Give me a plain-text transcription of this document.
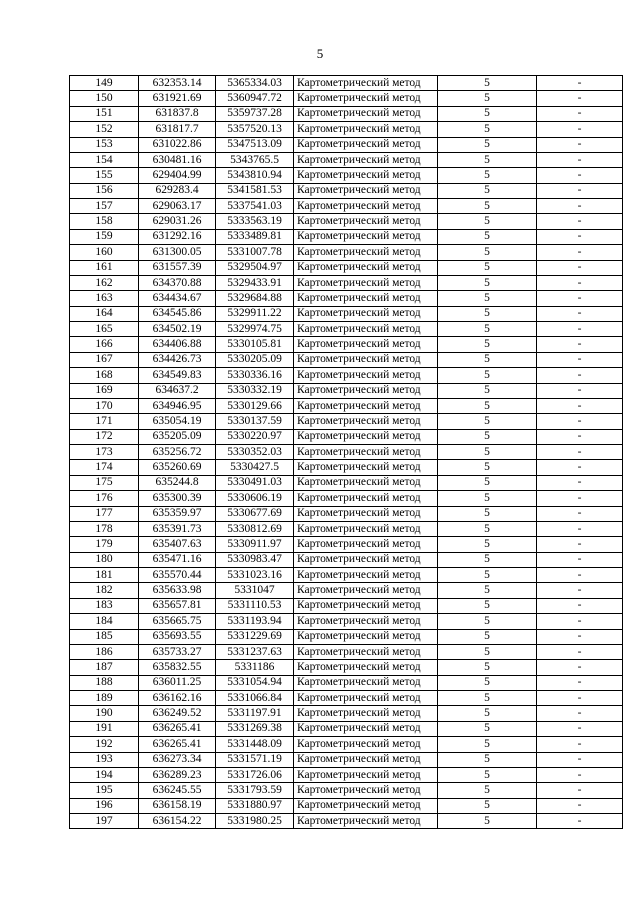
5
149	632353.14	5365334.03	Картометрический метод	5	-
150	631921.69	5360947.72	Картометрический метод	5	-
151	631837.8	5359737.28	Картометрический метод	5	-
152	631817.7	5357520.13	Картометрический метод	5	-
153	631022.86	5347513.09	Картометрический метод	5	-
154	630481.16	5343765.5	Картометрический метод	5	-
155	629404.99	5343810.94	Картометрический метод	5	-
156	629283.4	5341581.53	Картометрический метод	5	-
157	629063.17	5337541.03	Картометрический метод	5	-
158	629031.26	5333563.19	Картометрический метод	5	-
159	631292.16	5333489.81	Картометрический метод	5	-
160	631300.05	5331007.78	Картометрический метод	5	-
161	631557.39	5329504.97	Картометрический метод	5	-
162	634370.88	5329433.91	Картометрический метод	5	-
163	634434.67	5329684.88	Картометрический метод	5	-
164	634545.86	5329911.22	Картометрический метод	5	-
165	634502.19	5329974.75	Картометрический метод	5	-
166	634406.88	5330105.81	Картометрический метод	5	-
167	634426.73	5330205.09	Картометрический метод	5	-
168	634549.83	5330336.16	Картометрический метод	5	-
169	634637.2	5330332.19	Картометрический метод	5	-
170	634946.95	5330129.66	Картометрический метод	5	-
171	635054.19	5330137.59	Картометрический метод	5	-
172	635205.09	5330220.97	Картометрический метод	5	-
173	635256.72	5330352.03	Картометрический метод	5	-
174	635260.69	5330427.5	Картометрический метод	5	-
175	635244.8	5330491.03	Картометрический метод	5	-
176	635300.39	5330606.19	Картометрический метод	5	-
177	635359.97	5330677.69	Картометрический метод	5	-
178	635391.73	5330812.69	Картометрический метод	5	-
179	635407.63	5330911.97	Картометрический метод	5	-
180	635471.16	5330983.47	Картометрический метод	5	-
181	635570.44	5331023.16	Картометрический метод	5	-
182	635633.98	5331047	Картометрический метод	5	-
183	635657.81	5331110.53	Картометрический метод	5	-
184	635665.75	5331193.94	Картометрический метод	5	-
185	635693.55	5331229.69	Картометрический метод	5	-
186	635733.27	5331237.63	Картометрический метод	5	-
187	635832.55	5331186	Картометрический метод	5	-
188	636011.25	5331054.94	Картометрический метод	5	-
189	636162.16	5331066.84	Картометрический метод	5	-
190	636249.52	5331197.91	Картометрический метод	5	-
191	636265.41	5331269.38	Картометрический метод	5	-
192	636265.41	5331448.09	Картометрический метод	5	-
193	636273.34	5331571.19	Картометрический метод	5	-
194	636289.23	5331726.06	Картометрический метод	5	-
195	636245.55	5331793.59	Картометрический метод	5	-
196	636158.19	5331880.97	Картометрический метод	5	-
197	636154.22	5331980.25	Картометрический метод	5	-
